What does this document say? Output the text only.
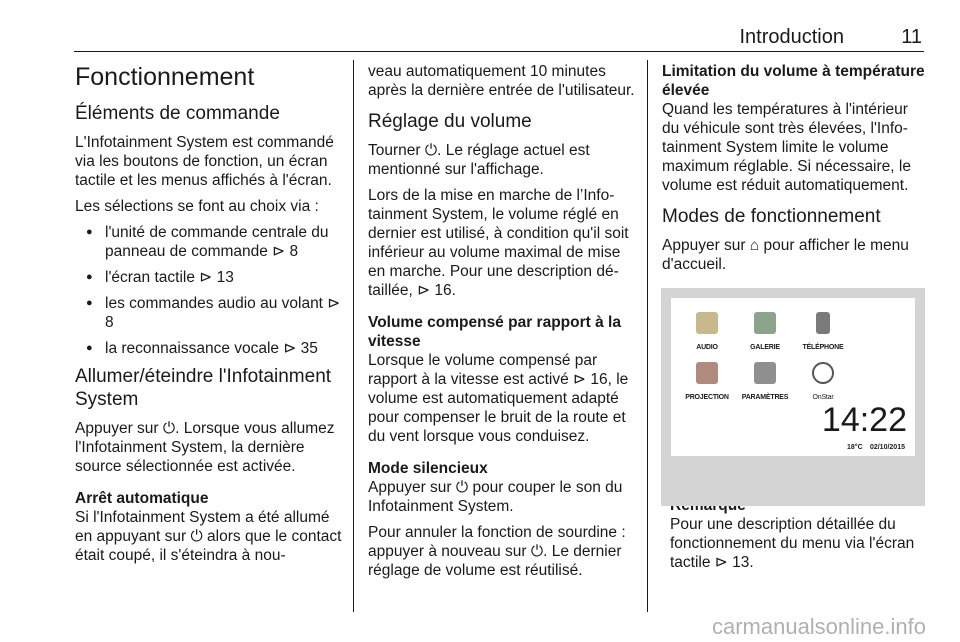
Introduction	11
Fonctionnement
Éléments de commande

L'Infotainment System est commandé via les boutons de fonction, un écran tactile et les menus affichés à l'écran.

Les sélections se font au choix via :

● l'unité de commande centrale du panneau de commande ⊳ 8
● l'écran tactile ⊳ 13
● les commandes audio au volant ⊳ 8
● la reconnaissance vocale ⊳ 35
Allumer/éteindre l'Infotainment System

Appuyer sur ⏻. Lorsque vous allumez l'Infotainment System, la dernière source sélectionnée est activée.

Arrêt automatique

Si l'Infotainment System a été allumé en appuyant sur ⏻ alors que le contact était coupé, il s'éteindra à nou-

veau automatiquement 10 minutes après la dernière entrée de l'utilisateur.

Réglage du volume

Tourner ⏻. Le réglage actuel est mentionné sur l'affichage.

Lors de la mise en marche de l’Infotainment System, le volume réglé en dernier est utilisé, à condition qu'il soit inférieur au volume maximal de mise en marche. Pour une description détaillée, ⊳ 16.

Volume compensé par rapport à la vitesse

Lorsque le volume compensé par rapport à la vitesse est activé ⊳ 16, le volume est automatiquement adapté pour compenser le bruit de la route et du vent lorsque vous conduisez.

Mode silencieux

Appuyer sur ⏻ pour couper le son du Infotainment System.

Pour annuler la fonction de sourdine : appuyer à nouveau sur ⏻. Le dernier réglage de volume est réutilisé.

Limitation du volume à température élevée

Quand les températures à l'intérieur du véhicule sont très élevées, l'Infotainment System limite le volume maximum réglable. Si nécessaire, le volume est réduit automatiquement.

Modes de fonctionnement

Appuyer sur ⌂ pour afficher le menu d'accueil.

AUDIO	GALERIE	TÉLÉPHONE
PROJECTION	PARAMÈTRES	OnStar
14:22
18°C 02/10/2015

Pour une description détaillée du fonctionnement du menu via l'écran tactile ⊳ 13.

carmanualsonline.info
